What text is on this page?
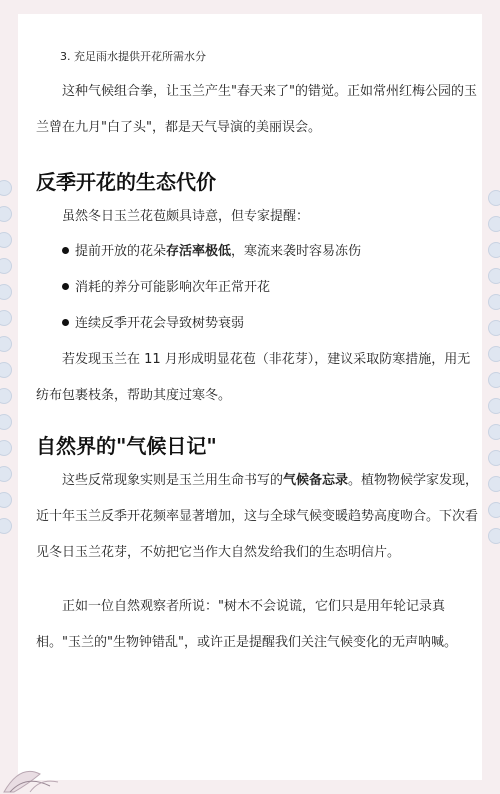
3. 充足雨水提供开花所需水分

这种气候组合拳，让玉兰产生"春天来了"的错觉。正如常州红梅公园的玉兰曾在九月"白了头"，都是天气导演的美丽误会。

反季开花的生态代价

虽然冬日玉兰花苞颇具诗意，但专家提醒：

提前开放的花朵存活率极低，寒流来袭时容易冻伤
消耗的养分可能影响次年正常开花
连续反季开花会导致树势衰弱

若发现玉兰在 11 月形成明显花苞（非花芽），建议采取防寒措施，用无纺布包裹枝条，帮助其度过寒冬。

自然界的"气候日记"

这些反常现象实则是玉兰用生命书写的气候备忘录。植物物候学家发现，近十年玉兰反季开花频率显著增加，这与全球气候变暖趋势高度吻合。下次看见冬日玉兰花芽，不妨把它当作大自然发给我们的生态明信片。

正如一位自然观察者所说："树木不会说谎，它们只是用年轮记录真相。"玉兰的"生物钟错乱"，或许正是提醒我们关注气候变化的无声呐喊。
